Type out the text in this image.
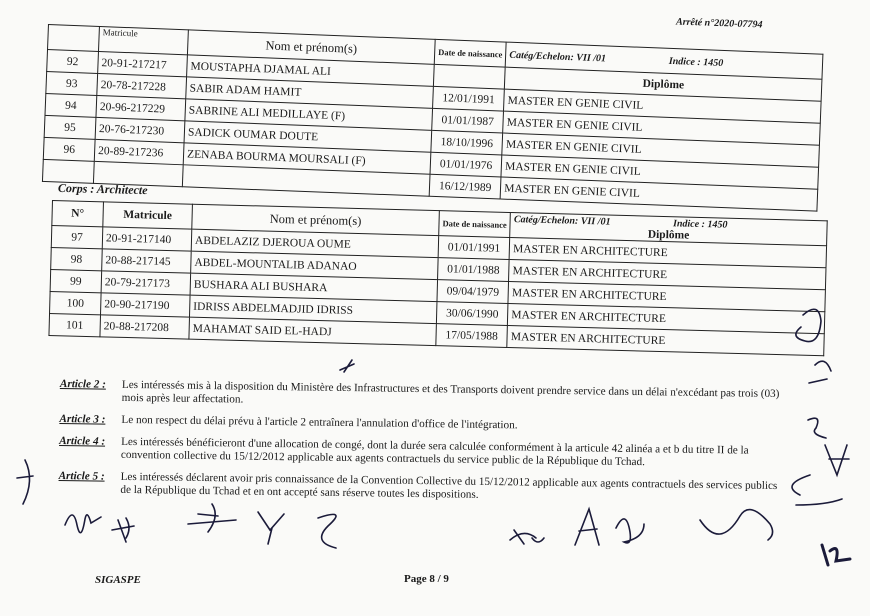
Arrêté n°2020-07794
	Matricule	Nom et prénom(s)	Date de naissance	Catég/Echelon: VII /01 Indice : 1450
92	20-91-217217	MOUSTAPHA DJAMAL ALI		Diplôme
93	20-78-217228	SABIR ADAM HAMIT	12/01/1991	MASTER EN GENIE CIVIL
94	20-96-217229	SABRINE ALI MEDILLAYE (F)	01/01/1987	MASTER EN GENIE CIVIL
95	20-76-217230	SADICK OUMAR DOUTE	18/10/1996	MASTER EN GENIE CIVIL
96	20-89-217236	ZENABA BOURMA MOURSALI (F)	01/01/1976	MASTER EN GENIE CIVIL
			16/12/1989	MASTER EN GENIE CIVIL
Corps : Architecte
N°	Matricule	Nom et prénom(s)	Date de naissance	Catég/Echelon: VII /01 Indice : 1450
Diplôme

97	20-91-217140	ABDELAZIZ DJEROUA OUME	01/01/1991	MASTER EN ARCHITECTURE
98	20-88-217145	ABDEL-MOUNTALIB ADANAO	01/01/1988	MASTER EN ARCHITECTURE
99	20-79-217173	BUSHARA ALI BUSHARA	09/04/1979	MASTER EN ARCHITECTURE
100	20-90-217190	IDRISS ABDELMADJID IDRISS	30/06/1990	MASTER EN ARCHITECTURE
101	20-88-217208	MAHAMAT SAID EL-HADJ	17/05/1988	MASTER EN ARCHITECTURE
Article 2 :	Les intéressés mis à la disposition du Ministère des Infrastructures et des Transports doivent prendre service dans un délai n'excédant pas trois (03) mois après leur affectation.
Article 3 :	Le non respect du délai prévu à l'article 2 entraînera l'annulation d'office de l'intégration.
Article 4 :	Les intéressés bénéficieront d'une allocation de congé, dont la durée sera calculée conformément à la articule 42 alinéa a et b du titre II de la convention collective du 15/12/2012 applicable aux agents contractuels du service public de la République du Tchad.
Article 5 :	Les intéressés déclarent avoir pris connaissance de la Convention Collective du 15/12/2012 applicable aux agents contractuels des services publics de la République du Tchad et en ont accepté sans réserve toutes les dispositions.
SIGASPE	Page 8 / 9
